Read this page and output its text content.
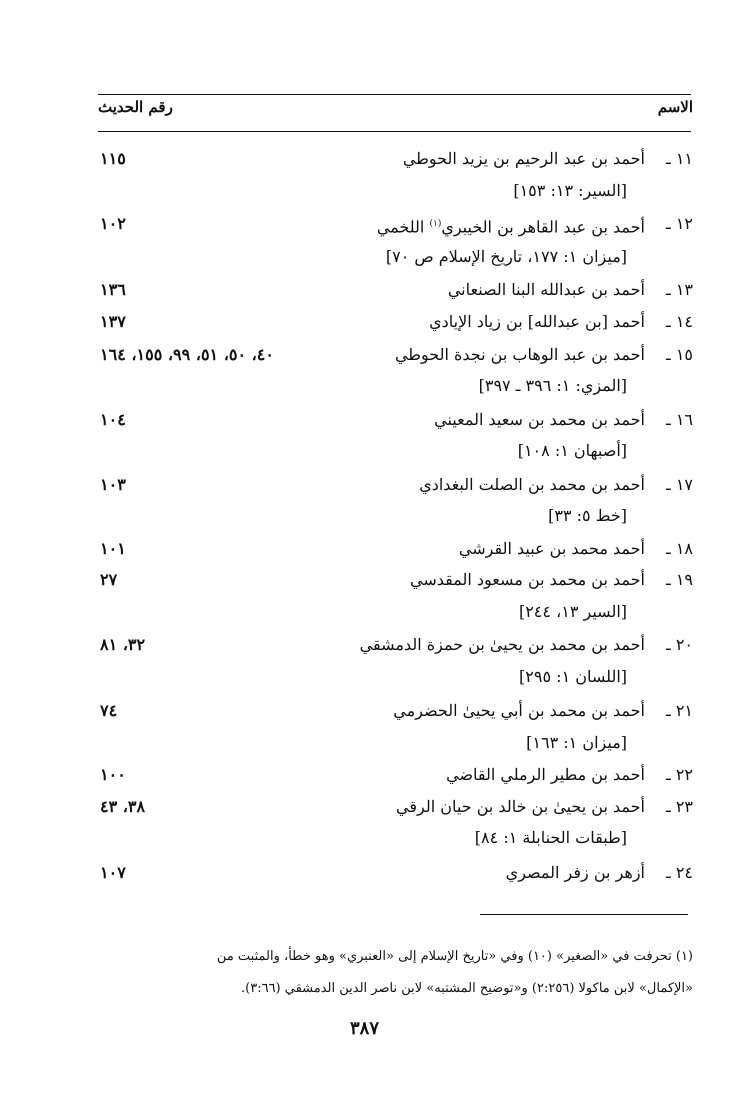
الاسم
رقم الحديث
١١ ـ
أحمد بن عبد الرحيم بن يزيد الحوطي
١١٥
[السير: ١٣: ١٥٣]
١٢ ـ
أحمد بن عبد القاهر بن الخيبري$^{(١)}$ اللخمي
١٠٢
[ميزان ١: ١٧٧، تاريخ الإسلام ص ٧٠]
١٣ ـ
أحمد بن عبدالله البنا الصنعاني
١٣٦
١٤ ـ
أحمد [بن عبدالله] بن زياد الإيادي
١٣٧
١٥ ـ
أحمد بن عبد الوهاب بن نجدة الحوطي
٤٠، ٥٠، ٥١، ٩٩، ١٥٥، ١٦٤
[المزي: ١: ٣٩٦ ـ ٣٩٧]
١٦ ـ
أحمد بن محمد بن سعيد المعيني
١٠٤
[أصبهان ١: ١٠٨]
١٧ ـ
أحمد بن محمد بن الصلت البغدادي
١٠٣
[خط ٥: ٣٣]
١٨ ـ
أحمد محمد بن عبيد القرشي
١٠١
١٩ ـ
أحمد بن محمد بن مسعود المقدسي
٢٧
[السير ١٣، ٢٤٤]
٢٠ ـ
أحمد بن محمد بن يحيىٰ بن حمزة الدمشقي
٣٢، ٨١
[اللسان ١: ٢٩٥]
٢١ ـ
أحمد بن محمد بن أبي يحيىٰ الحضرمي
٧٤
[ميزان ١: ١٦٣]
٢٢ ـ
أحمد بن مطير الرملي القاضي
١٠٠
٢٣ ـ
أحمد بن يحيىٰ بن خالد بن حيان الرقي
٣٨، ٤٣
[طبقات الحنابلة ١: ٨٤]
٢٤ ـ
أزهر بن زفر المصري
١٠٧
(١) تحرفت في «الصغير» (١٠) وفي «تاريخ الإسلام إلى «العنبري» وهو خطأ، والمثبت من
«الإكمال» لابن ماكولا (٢:٢٥٦) و«توضيح المشتبه» لابن ناصر الدين الدمشقي (٣:٦٦).
٣٨٧
